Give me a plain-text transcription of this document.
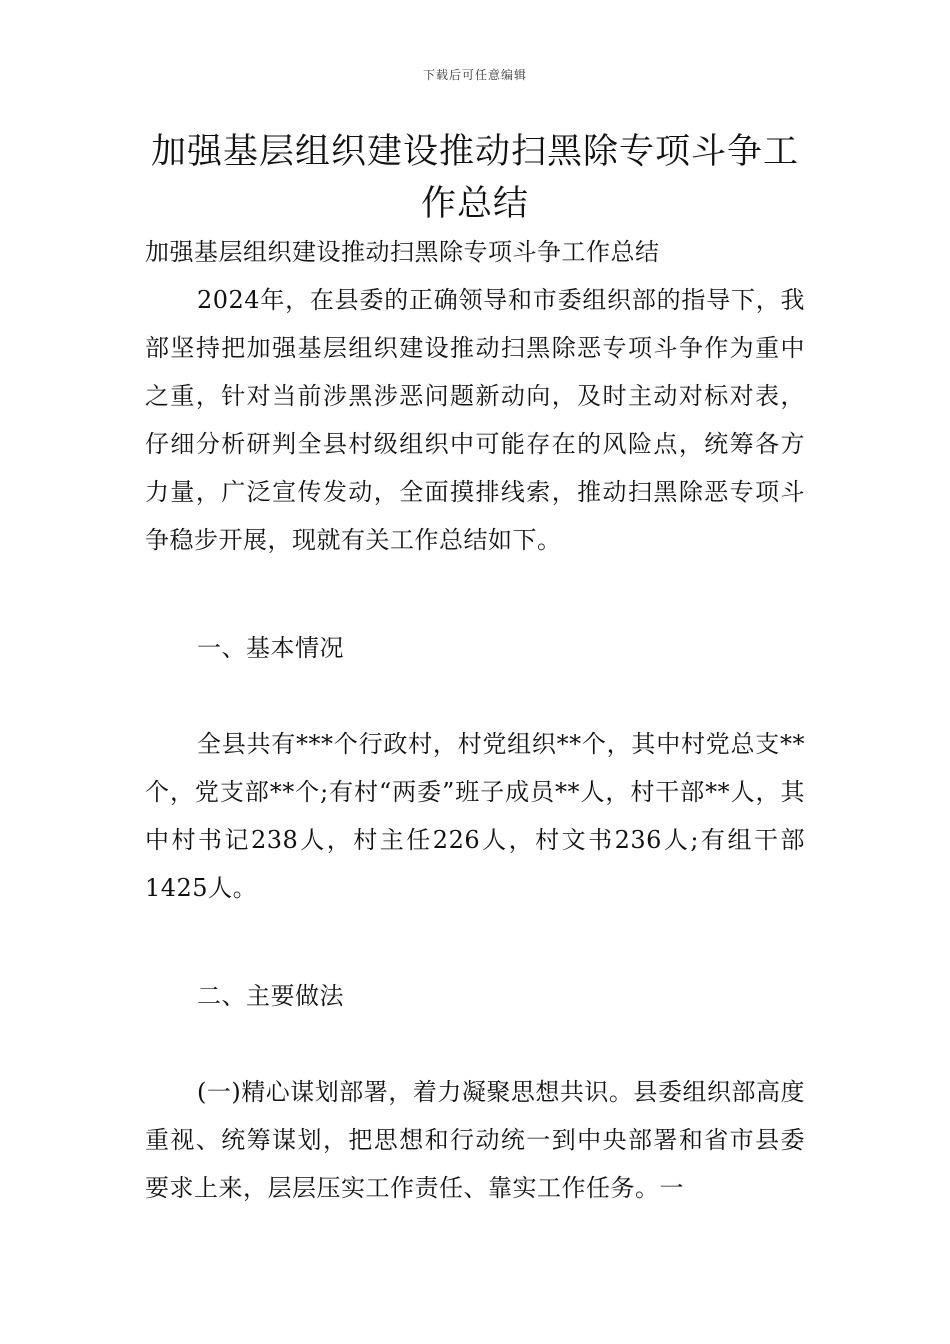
下载后可任意编辑
加强基层组织建设推动扫黑除专项斗争工作总结
加强基层组织建设推动扫黑除专项斗争工作总结
2024年，在县委的正确领导和市委组织部的指导下，我部坚持把加强基层组织建设推动扫黑除恶专项斗争作为重中之重，针对当前涉黑涉恶问题新动向，及时主动对标对表，仔细分析研判全县村级组织中可能存在的风险点，统筹各方力量，广泛宣传发动，全面摸排线索，推动扫黑除恶专项斗争稳步开展，现就有关工作总结如下。
一、基本情况
全县共有***个行政村，村党组织**个，其中村党总支**个，党支部**个;有村“两委”班子成员**人，村干部**人，其中村书记238人，村主任226人，村文书236人;有组干部1425人。
二、主要做法
(一)精心谋划部署，着力凝聚思想共识。县委组织部高度重视、统筹谋划，把思想和行动统一到中央部署和省市县委要求上来，层层压实工作责任、靠实工作任务。一
